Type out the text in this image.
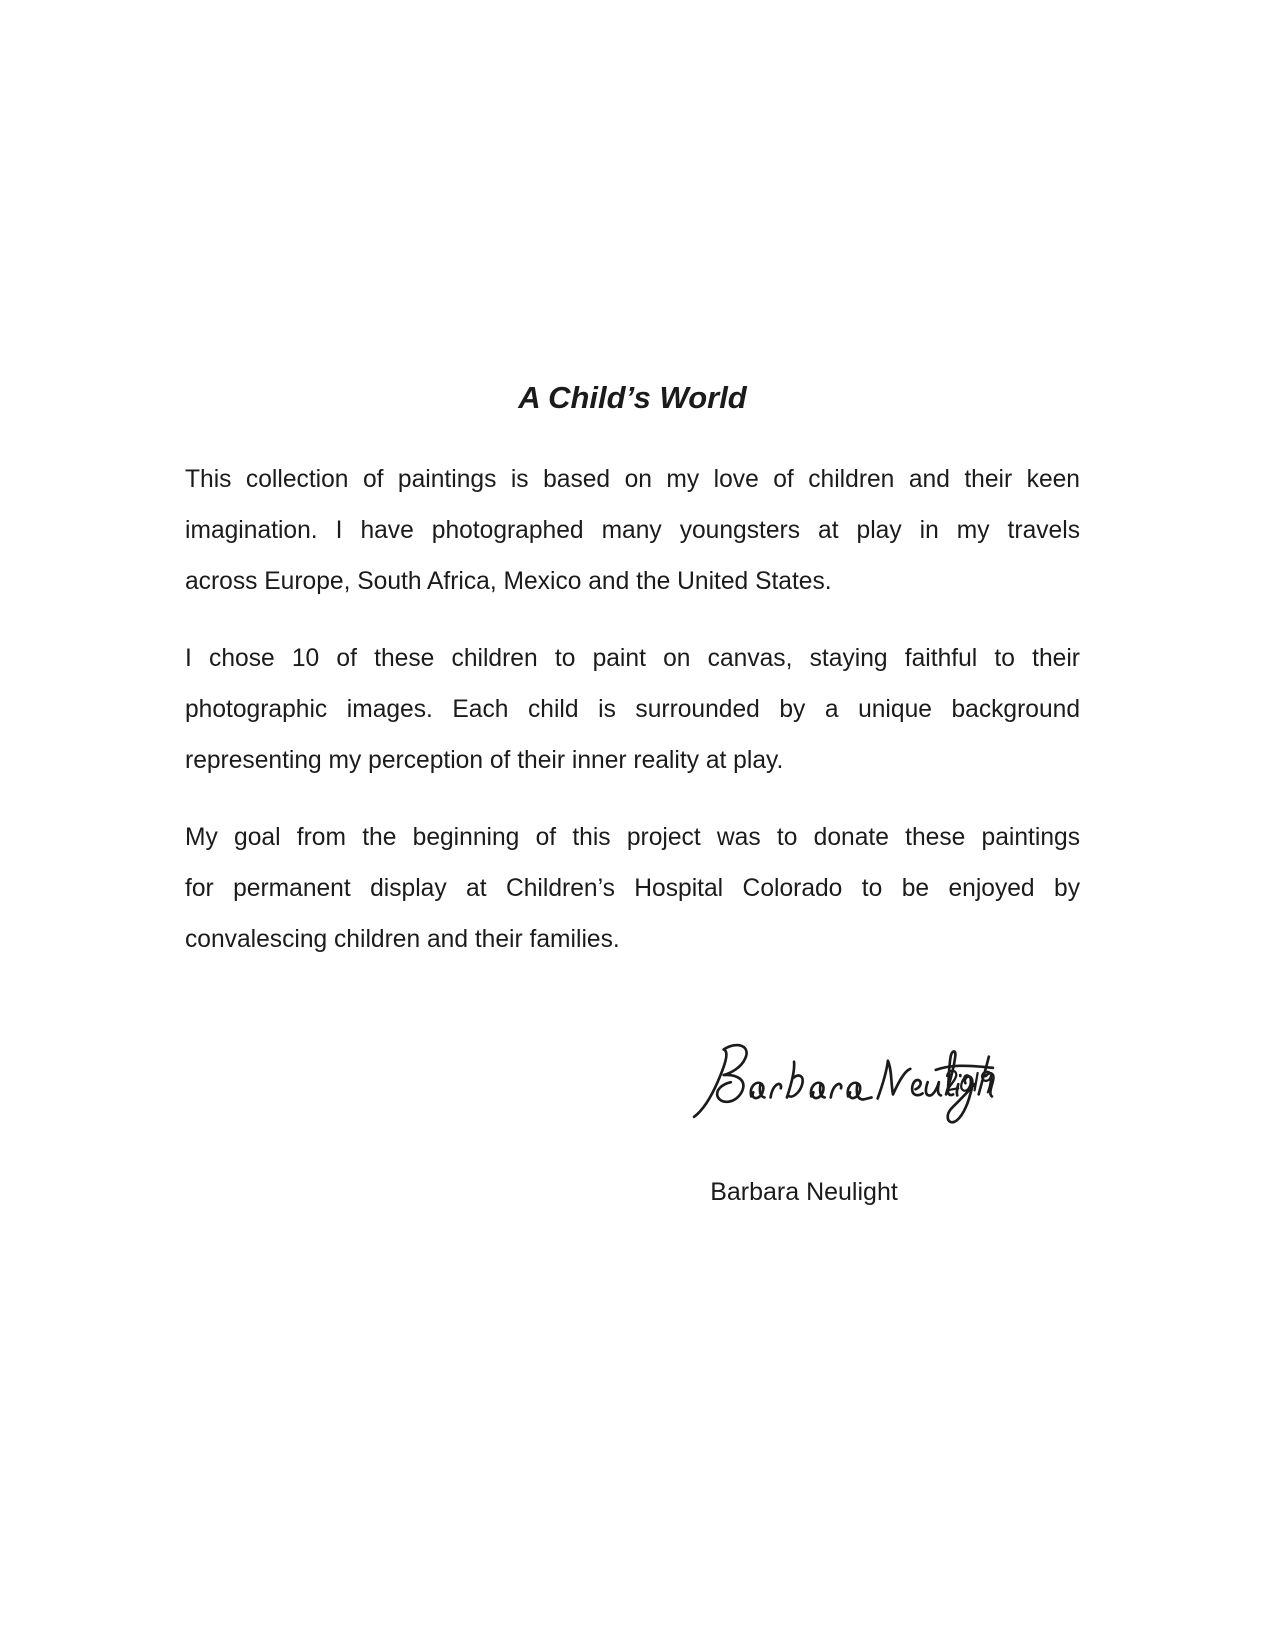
A Child’s World
This collection of paintings is based on my love of children and their keen
imagination. I have photographed many youngsters at play in my travels
across Europe, South Africa, Mexico and the United States.
I chose 10 of these children to paint on canvas, staying faithful to their
photographic images. Each child is surrounded by a unique background
representing my perception of their inner reality at play.
My goal from the beginning of this project was to donate these paintings
for permanent display at Children’s Hospital Colorado to be enjoyed by
convalescing children and their families.
Barbara Neulight
